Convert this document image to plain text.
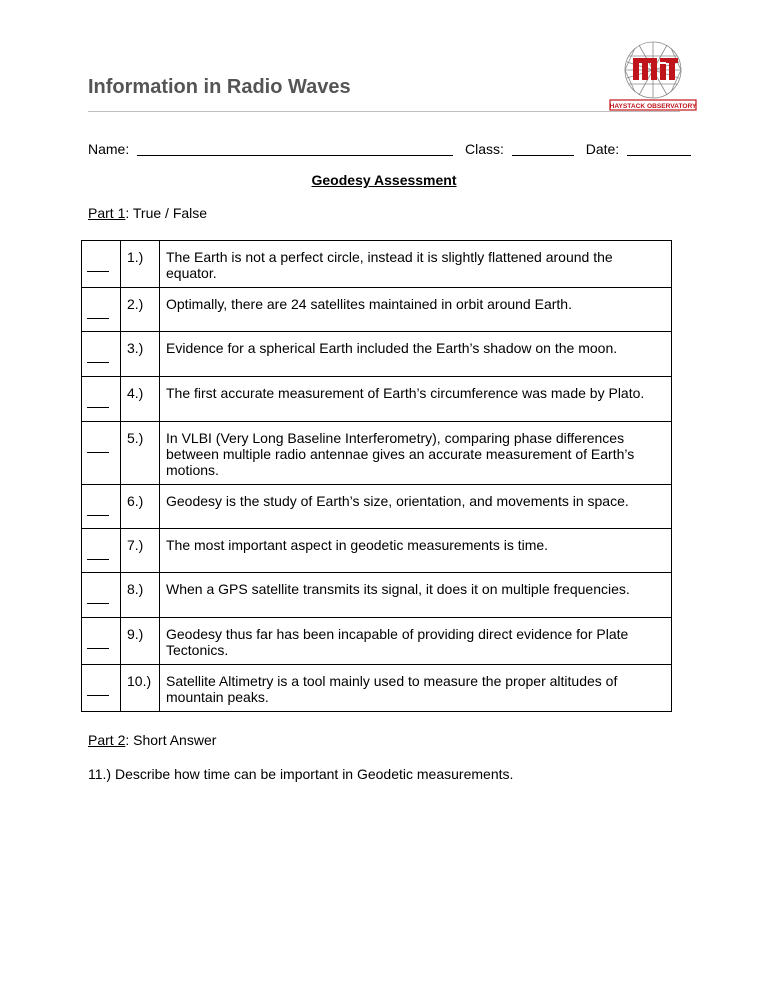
Information in Radio Waves
HAYSTACK OBSERVATORY
Name:	Class:	Date:
Geodesy Assessment
Part 1: True / False
	1.)	The Earth is not a perfect circle, instead it is slightly flattened around the equator.

	2.)	Optimally, there are 24 satellites maintained in orbit around Earth.

	3.)	Evidence for a spherical Earth included the Earth’s shadow on the moon.

	4.)	The first accurate measurement of Earth’s circumference was made by Plato.

	5.)	In VLBI (Very Long Baseline Interferometry), comparing phase differences between multiple radio antennae gives an accurate measurement of Earth’s motions.

	6.)	Geodesy is the study of Earth’s size, orientation, and movements in space.

	7.)	The most important aspect in geodetic measurements is time.

	8.)	When a GPS satellite transmits its signal, it does it on multiple frequencies.

	9.)	Geodesy thus far has been incapable of providing direct evidence for Plate Tectonics.

	10.)	Satellite Altimetry is a tool mainly used to measure the proper altitudes of mountain peaks.
Part 2: Short Answer
11.) Describe how time can be important in Geodetic measurements.
